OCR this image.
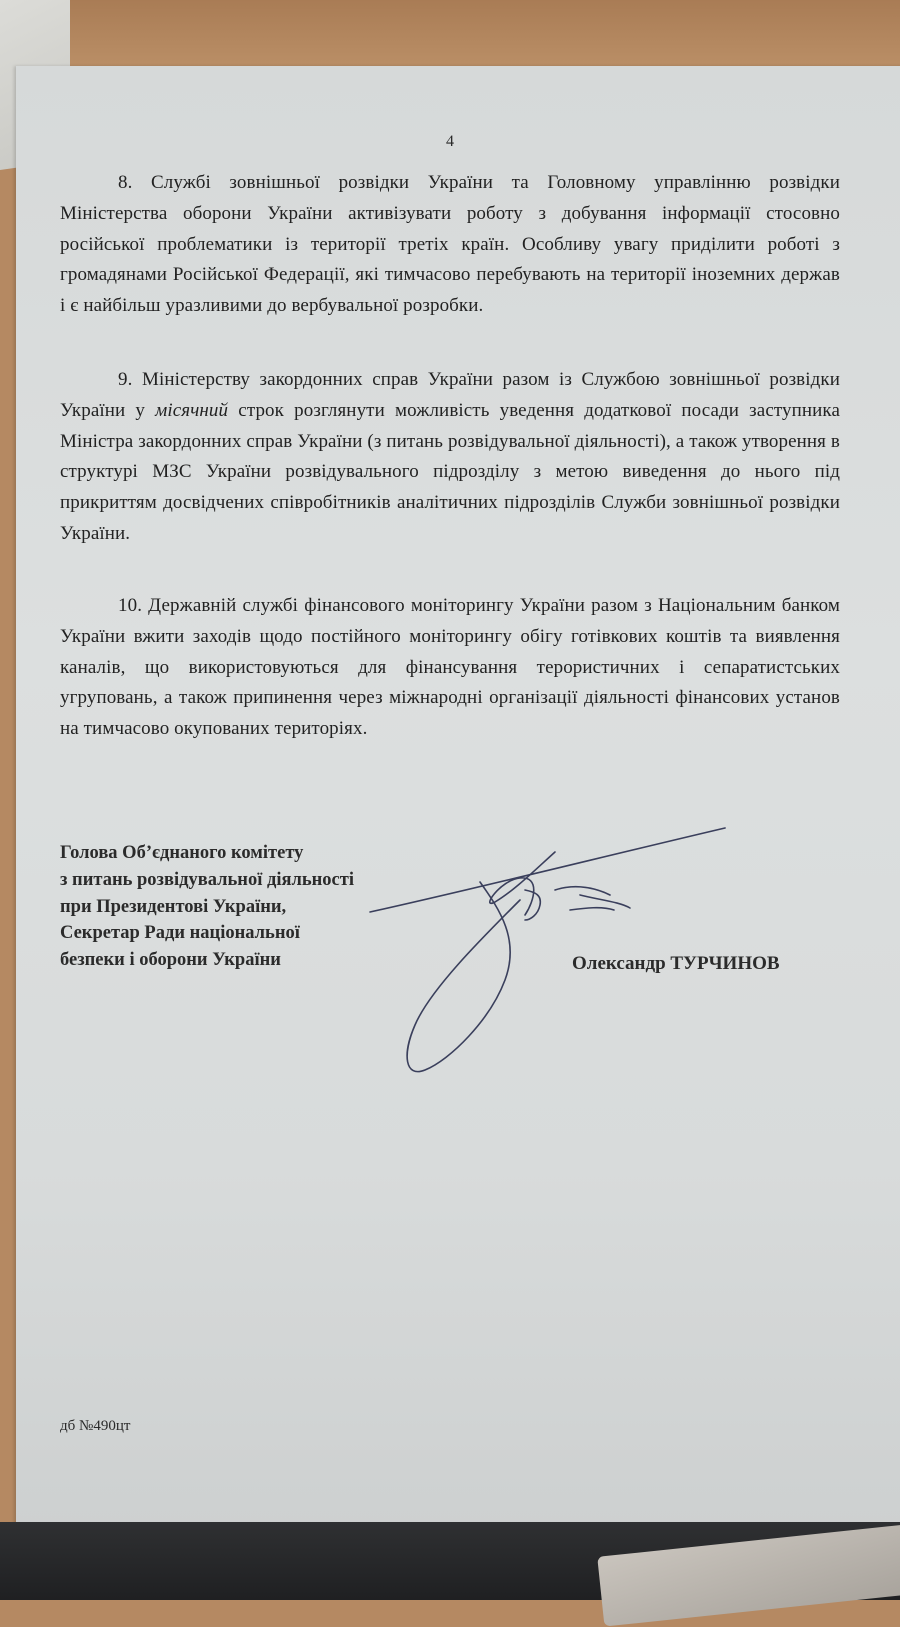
4

8. Службі зовнішньої розвідки України та Головному управлінню розвідки Міністерства оборони України активізувати роботу з добування інформації стосовно російської проблематики із території третіх країн. Особливу увагу приділити роботі з громадянами Російської Федерації, які тимчасово перебувають на території іноземних держав і є найбільш уразливими до вербувальної розробки.

9. Міністерству закордонних справ України разом із Службою зовнішньої розвідки України у місячний строк розглянути можливість уведення додаткової посади заступника Міністра закордонних справ України (з питань розвідувальної діяльності), а також утворення в структурі МЗС України розвідувального підрозділу з метою виведення до нього під прикриттям досвідчених співробітників аналітичних підрозділів Служби зовнішньої розвідки України.

10. Державній службі фінансового моніторингу України разом з Національним банком України вжити заходів щодо постійного моніторингу обігу готівкових коштів та виявлення каналів, що використовуються для фінансування терористичних і сепаратистських угруповань, а також припинення через міжнародні організації діяльності фінансових установ на тимчасово окупованих територіях.

Голова Об’єднаного комітету
з питань розвідувальної діяльності
при Президентові України,
Секретар Ради національної
безпеки і оборони України	Олександр ТУРЧИНОВ
дб №490цт
